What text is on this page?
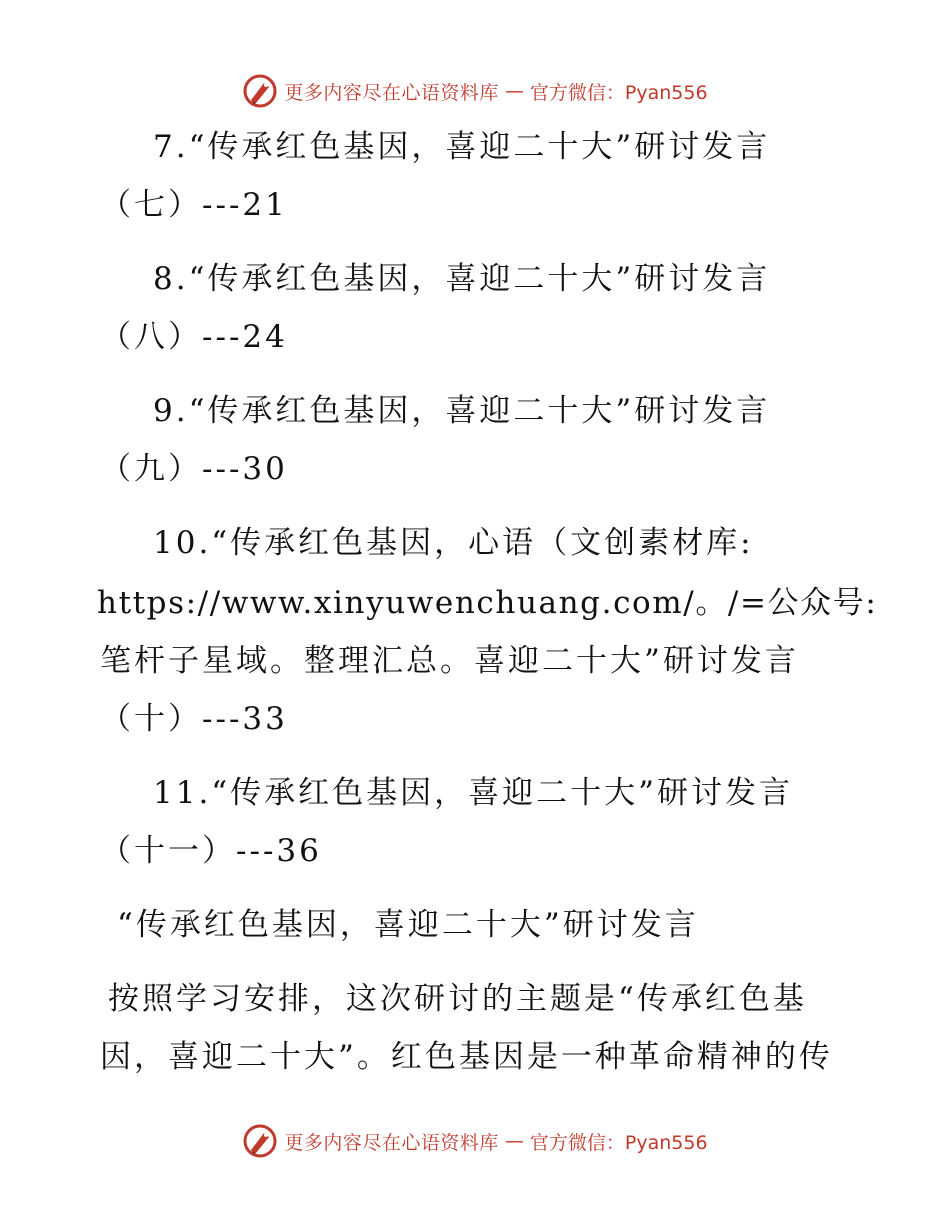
更多内容尽在心语资料库 — 官方微信：Pyan556
7.“传承红色基因，喜迎二十大”研讨发言
（七）---21
8.“传承红色基因，喜迎二十大”研讨发言
（八）---24
9.“传承红色基因，喜迎二十大”研讨发言
（九）---30
10.“传承红色基因，心语（文创素材库:
https://www.xinyuwenchuang.com/。/=公众号:
笔杆子星域。整理汇总。喜迎二十大”研讨发言
（十）---33
11.“传承红色基因，喜迎二十大”研讨发言
（十一）---36
“传承红色基因，喜迎二十大”研讨发言
按照学习安排，这次研讨的主题是“传承红色基
因，喜迎二十大”。红色基因是一种革命精神的传
更多内容尽在心语资料库 — 官方微信：Pyan556
